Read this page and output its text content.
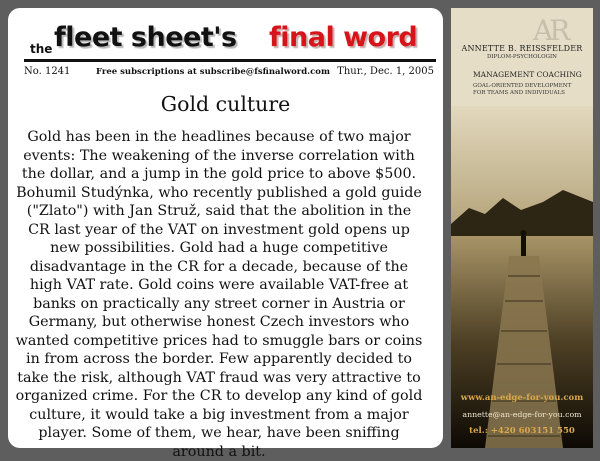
the fleet sheet's final word
No. 1241	Free subscriptions at subscribe@fsfinalword.com Thur., Dec. 1, 2005
Gold culture
Gold has been in the headlines because of two major events: The weakening of the inverse correlation with the dollar, and a jump in the gold price to above $500. Bohumil Studýnka, who recently published a gold guide ("Zlato") with Jan Struž, said that the abolition in the CR last year of the VAT on investment gold opens up new possibilities. Gold had a huge competitive disadvantage in the CR for a decade, because of the high VAT rate. Gold coins were available VAT-free at banks on practically any street corner in Austria or Germany, but otherwise honest Czech investors who wanted competitive prices had to smuggle bars or coins in from across the border. Few apparently decided to take the risk, although VAT fraud was very attractive to organized crime. For the CR to develop any kind of gold culture, it would take a big investment from a major player. Some of them, we hear, have been sniffing around a bit.
AR
ANNETTE B. REISSFELDER
DIPLOM-PSYCHOLOGIN
MANAGEMENT COACHING
GOAL-ORIENTED DEVELOPMENT
FOR TEAMS AND INDIVIDUALS
www.an-edge-for-you.com
annette@an-edge-for-you.com
tel.: +420 603151 550
